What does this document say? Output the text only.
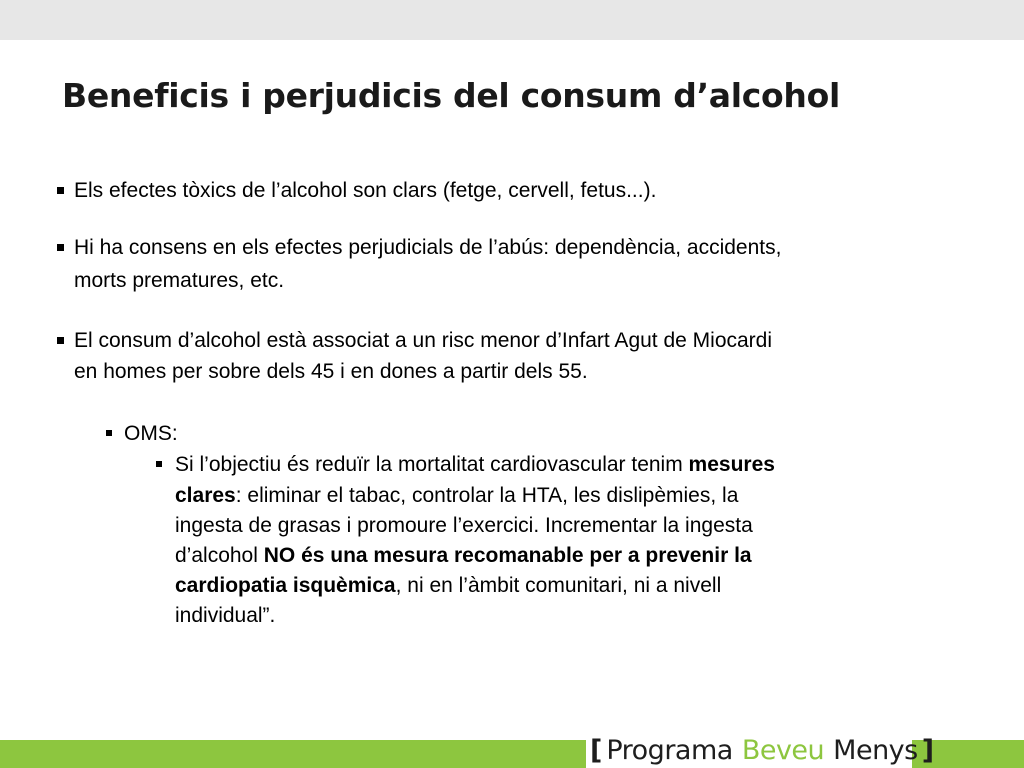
Beneficis i perjudicis del consum d’alcohol
Els efectes tòxics de l’alcohol son clars (fetge, cervell, fetus...).
Hi ha consens en els efectes perjudicials de l’abús: dependència, accidents,
morts prematures, etc.
El consum d’alcohol està associat a un risc menor d’Infart Agut de Miocardi
en homes per sobre dels 45 i en dones a partir dels 55.
OMS:
Si l’objectiu és reduïr la mortalitat cardiovascular tenim mesures
clares: eliminar el tabac, controlar la HTA, les dislipèmies, la
ingesta de grasas i promoure l’exercici. Incrementar la ingesta
d’alcohol NO és una mesura recomanable per a prevenir la
cardiopatia isquèmica, ni en l’àmbit comunitari, ni a nivell
individual”.
[ Programa Beveu Menys ]
